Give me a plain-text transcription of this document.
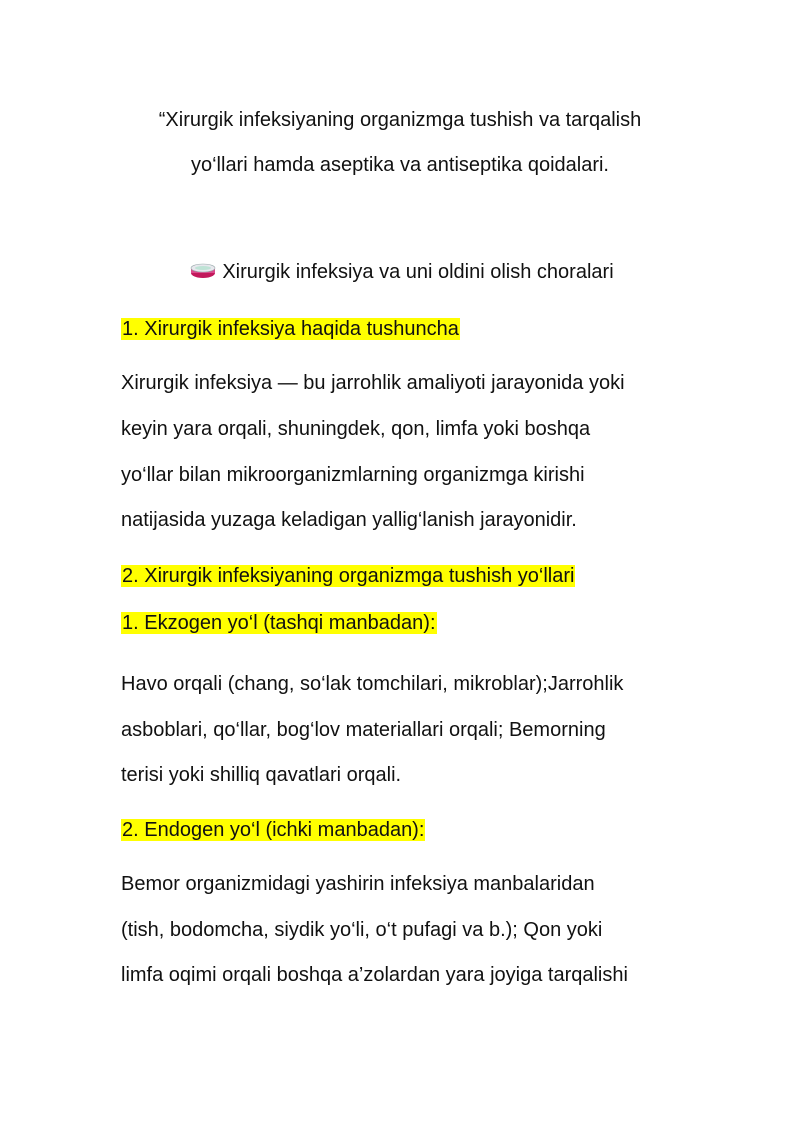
“Xirurgik infeksiyaning organizmga tushish va tarqalish
yo‘llari hamda aseptika va antiseptika qoidalari.
Xirurgik infeksiya va uni oldini olish choralari
1. Xirurgik infeksiya haqida tushuncha
Xirurgik infeksiya — bu jarrohlik amaliyoti jarayonida yoki
keyin yara orqali, shuningdek, qon, limfa yoki boshqa
yo‘llar bilan mikroorganizmlarning organizmga kirishi
natijasida yuzaga keladigan yallig‘lanish jarayonidir.
2. Xirurgik infeksiyaning organizmga tushish yo‘llari
1. Ekzogen yo‘l (tashqi manbadan):
Havo orqali (chang, so‘lak tomchilari, mikroblar);Jarrohlik
asboblari, qo‘llar, bog‘lov materiallari orqali; Bemorning
terisi yoki shilliq qavatlari orqali.
2. Endogen yo‘l (ichki manbadan):
Bemor organizmidagi yashirin infeksiya manbalaridan
(tish, bodomcha, siydik yo‘li, o‘t pufagi va b.); Qon yoki
limfa oqimi orqali boshqa a’zolardan yara joyiga tarqalishi
